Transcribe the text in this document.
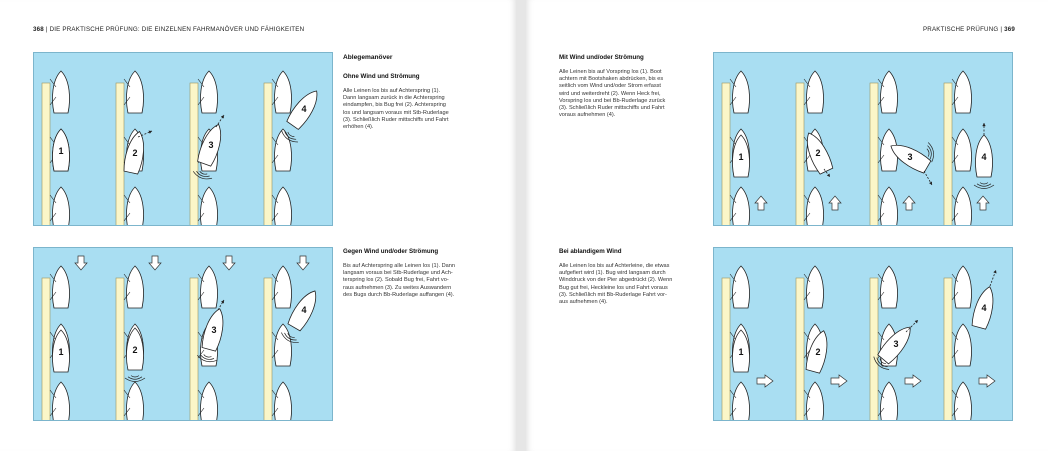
368 | DIE PRAKTISCHE PRÜFUNG: DIE EINZELNEN FAHRMANÖVER UND FÄHIGKEITEN
1	2
3
4
1	2
3
4
Ablegemanöver
Ohne Wind und Strömung
Alle Leinen los bis auf Achterspring (1).
Dann langsam zurück in die Achterspring
eindampfen, bis Bug frei (2). Achterspring
los und langsam voraus mit Stb-Ruderlage
(3). Schließlich Ruder mittschiffs und Fahrt
erhöhen (4).
Gegen Wind und/oder Strömung
Bis auf Achterspring alle Leinen los (1). Dann
langsam voraus bei Stb-Ruderlage und Ach-
terspring los (2). Sobald Bug frei, Fahrt vo-
raus aufnehmen (3). Zu weites Auswandern
des Bugs durch Bb-Ruderlage auffangen (4).
PRAKTISCHE PRÜFUNG | 369
Mit Wind und/oder Strömung
Alle Leinen bis auf Vorspring los (1). Boot
achtern mit Bootshaken abdrücken, bis es
seitlich vom Wind und/oder Strom erfasst
wird und weiterdreht (2). Wenn Heck frei,
Vorspring los und bei Bb-Ruderlage zurück
(3). Schließlich Ruder mittschiffs und Fahrt
voraus aufnehmen (4).
Bei ablandigem Wind
Alle Leinen los bis auf Achterleine, die etwas
aufgefiert wird (1). Bug wird langsam durch
Winddruck von der Pier abgedrückt (2). Wenn
Bug gut frei, Heckleine los und Fahrt voraus
(3). Schließlich mit Bb-Ruderlage Fahrt vor-
aus aufnehmen (4).
1	2	3	4
1	2
3
4
